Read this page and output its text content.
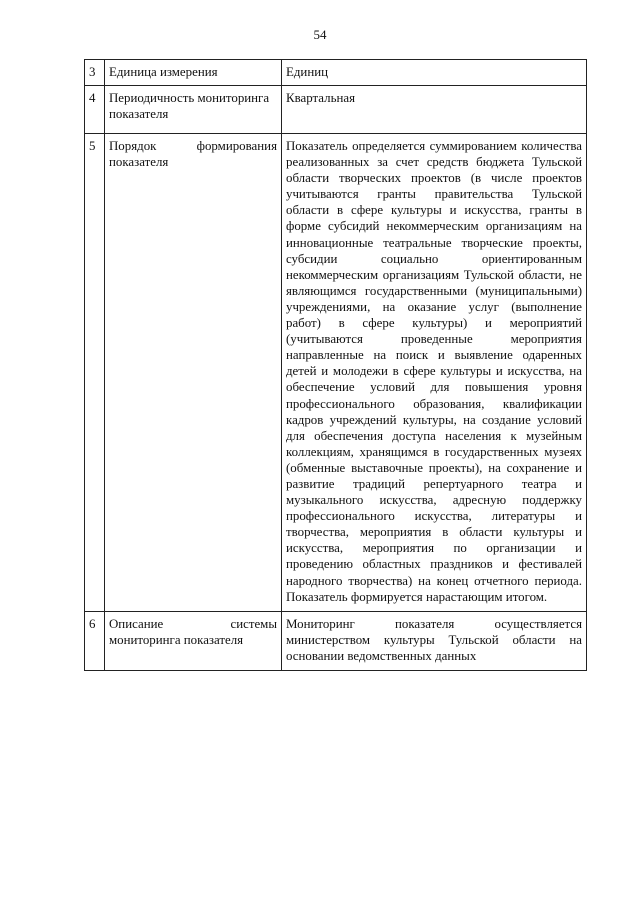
54
3	Единица измерения	Единиц
4	Периодичность мониторинга показателя	Квартальная
5	Порядок формирования показателя	Показатель определяется суммированием количества реализованных за счет средств бюджета Тульской области творческих проектов (в числе проектов учитываются гранты правительства Тульской области в сфере культуры и искусства, гранты в форме субсидий некоммерческим организациям на инновационные театральные творческие проекты, субсидии социально ориентированным некоммерческим организациям Тульской области, не являющимся государственными (муниципальными) учреждениями, на оказание услуг (выполнение работ) в сфере культуры) и мероприятий (учитываются проведенные мероприятия направленные на поиск и выявление одаренных детей и молодежи в сфере культуры и искусства, на обеспечение условий для повышения уровня профессионального образования, квалификации кадров учреждений культуры, на создание условий для обеспечения доступа населения к музейным коллекциям, хранящимся в государственных музеях (обменные выставочные проекты), на сохранение и развитие традиций репертуарного театра и музыкального искусства, адресную поддержку профессионального искусства, литературы и творчества, мероприятия в области культуры и искусства, мероприятия по организации и проведению областных праздников и фестивалей народного творчества) на конец отчетного периода. Показатель формируется нарастающим итогом.
6	Описание системы мониторинга показателя	Мониторинг показателя осуществляется министерством культуры Тульской области на основании ведомственных данных
